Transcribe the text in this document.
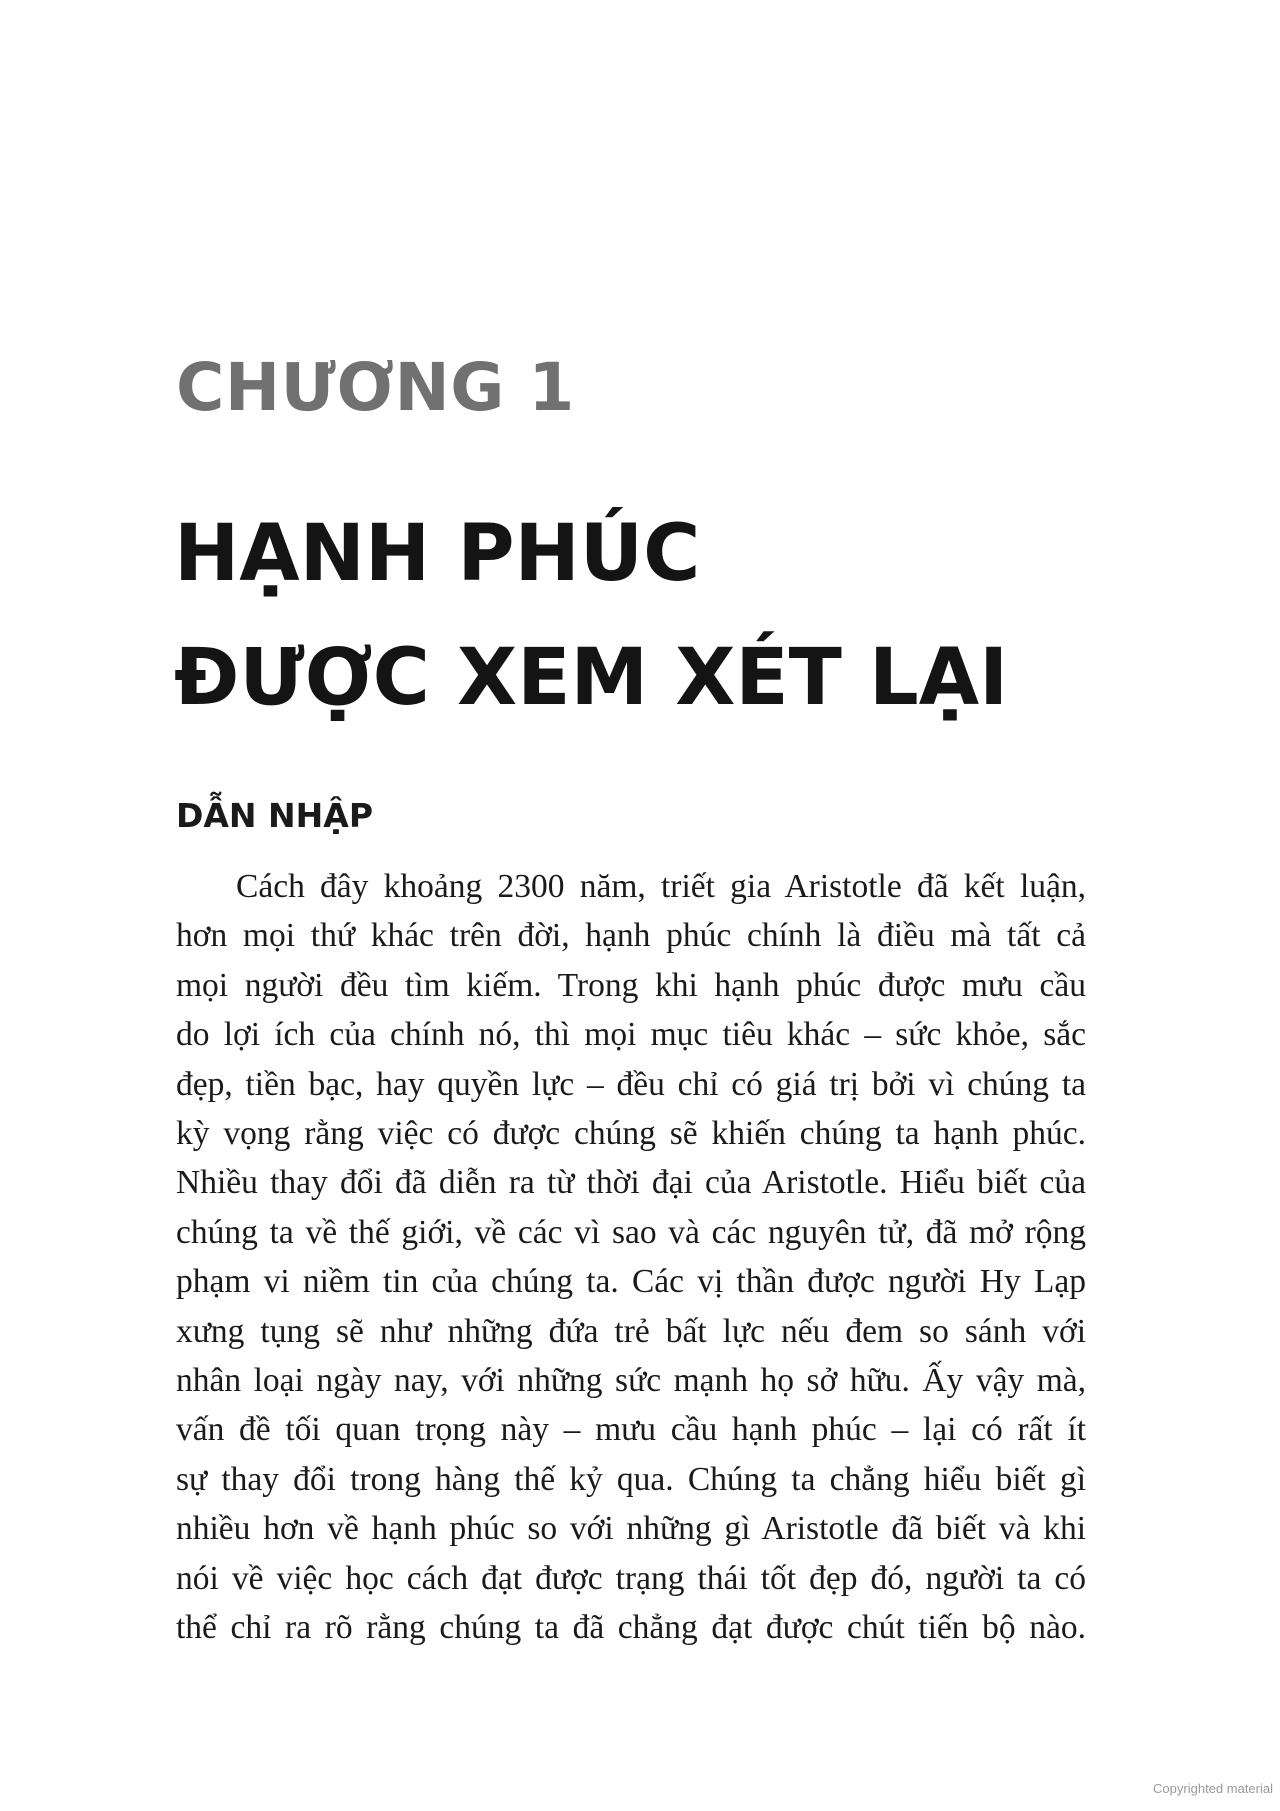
CHƯƠNG 1
HẠNH PHÚC
ĐƯỢC XEM XÉT LẠI
DẪN NHẬP

Cách đây khoảng 2300 năm, triết gia Aristotle đã kết luận,
hơn mọi thứ khác trên đời, hạnh phúc chính là điều mà tất cả
mọi người đều tìm kiếm. Trong khi hạnh phúc được mưu cầu
do lợi ích của chính nó, thì mọi mục tiêu khác – sức khỏe, sắc
đẹp, tiền bạc, hay quyền lực – đều chỉ có giá trị bởi vì chúng ta
kỳ vọng rằng việc có được chúng sẽ khiến chúng ta hạnh phúc.
Nhiều thay đổi đã diễn ra từ thời đại của Aristotle. Hiểu biết của
chúng ta về thế giới, về các vì sao và các nguyên tử, đã mở rộng
phạm vi niềm tin của chúng ta. Các vị thần được người Hy Lạp
xưng tụng sẽ như những đứa trẻ bất lực nếu đem so sánh với
nhân loại ngày nay, với những sức mạnh họ sở hữu. Ấy vậy mà,
vấn đề tối quan trọng này – mưu cầu hạnh phúc – lại có rất ít
sự thay đổi trong hàng thế kỷ qua. Chúng ta chẳng hiểu biết gì
nhiều hơn về hạnh phúc so với những gì Aristotle đã biết và khi
nói về việc học cách đạt được trạng thái tốt đẹp đó, người ta có
thể chỉ ra rõ rằng chúng ta đã chẳng đạt được chút tiến bộ nào.

Copyrighted material
